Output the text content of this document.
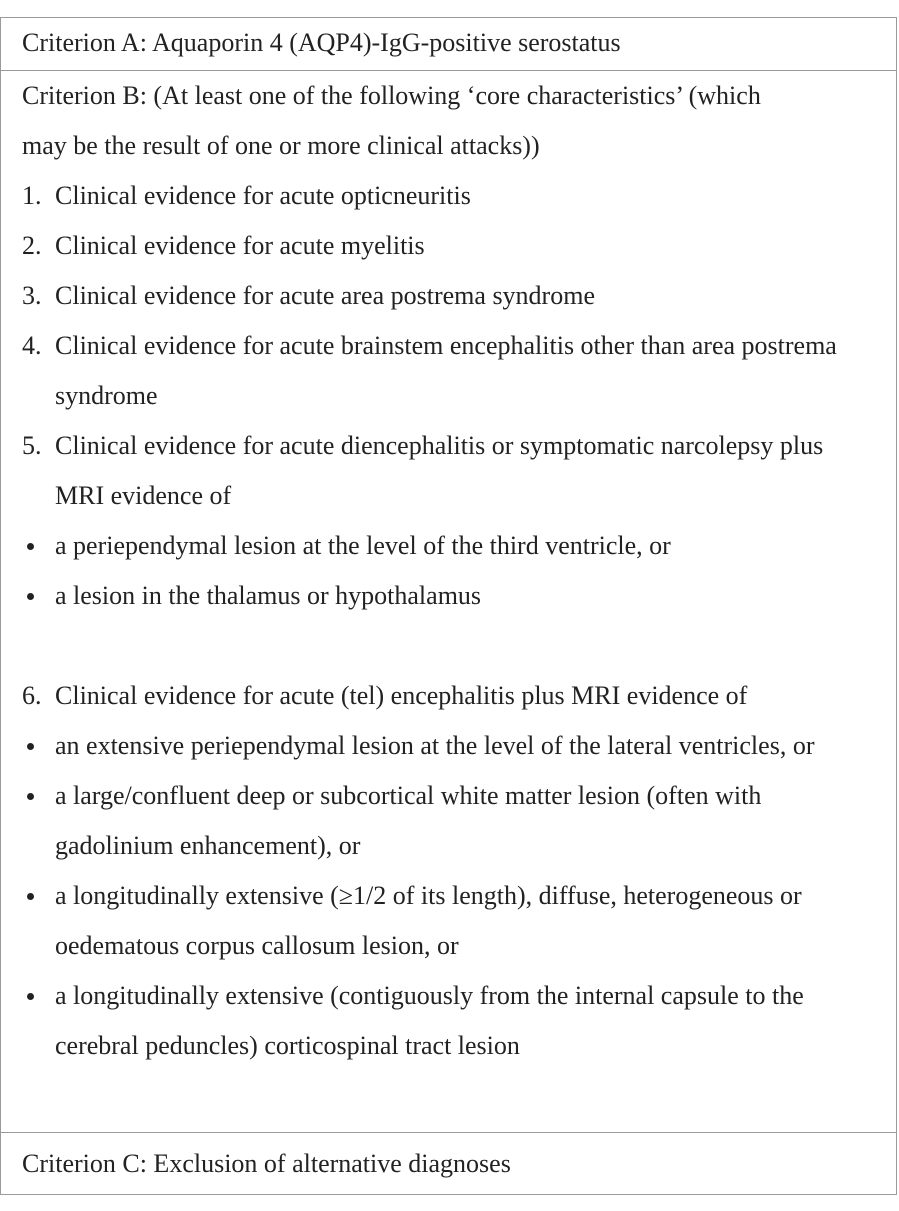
Criterion A: Aquaporin 4 (AQP4)-IgG-positive serostatus
Criterion B: (At least one of the following ‘core characteristics’ (which
may be the result of one or more clinical attacks))
1. Clinical evidence for acute opticneuritis
2. Clinical evidence for acute myelitis
3. Clinical evidence for acute area postrema syndrome
4. Clinical evidence for acute brainstem encephalitis other than area postrema syndrome
5. Clinical evidence for acute diencephalitis or symptomatic narcolepsy plus MRI evidence of
a periependymal lesion at the level of the third ventricle, or
a lesion in the thalamus or hypothalamus
6. Clinical evidence for acute (tel) encephalitis plus MRI evidence of
an extensive periependymal lesion at the level of the lateral ventricles, or
a large/confluent deep or subcortical white matter lesion (often with gadolinium enhancement), or
a longitudinally extensive (≥1/2 of its length), diffuse, heterogeneous or oedematous corpus callosum lesion, or
a longitudinally extensive (contiguously from the internal capsule to the cerebral peduncles) corticospinal tract lesion
Criterion C: Exclusion of alternative diagnoses
